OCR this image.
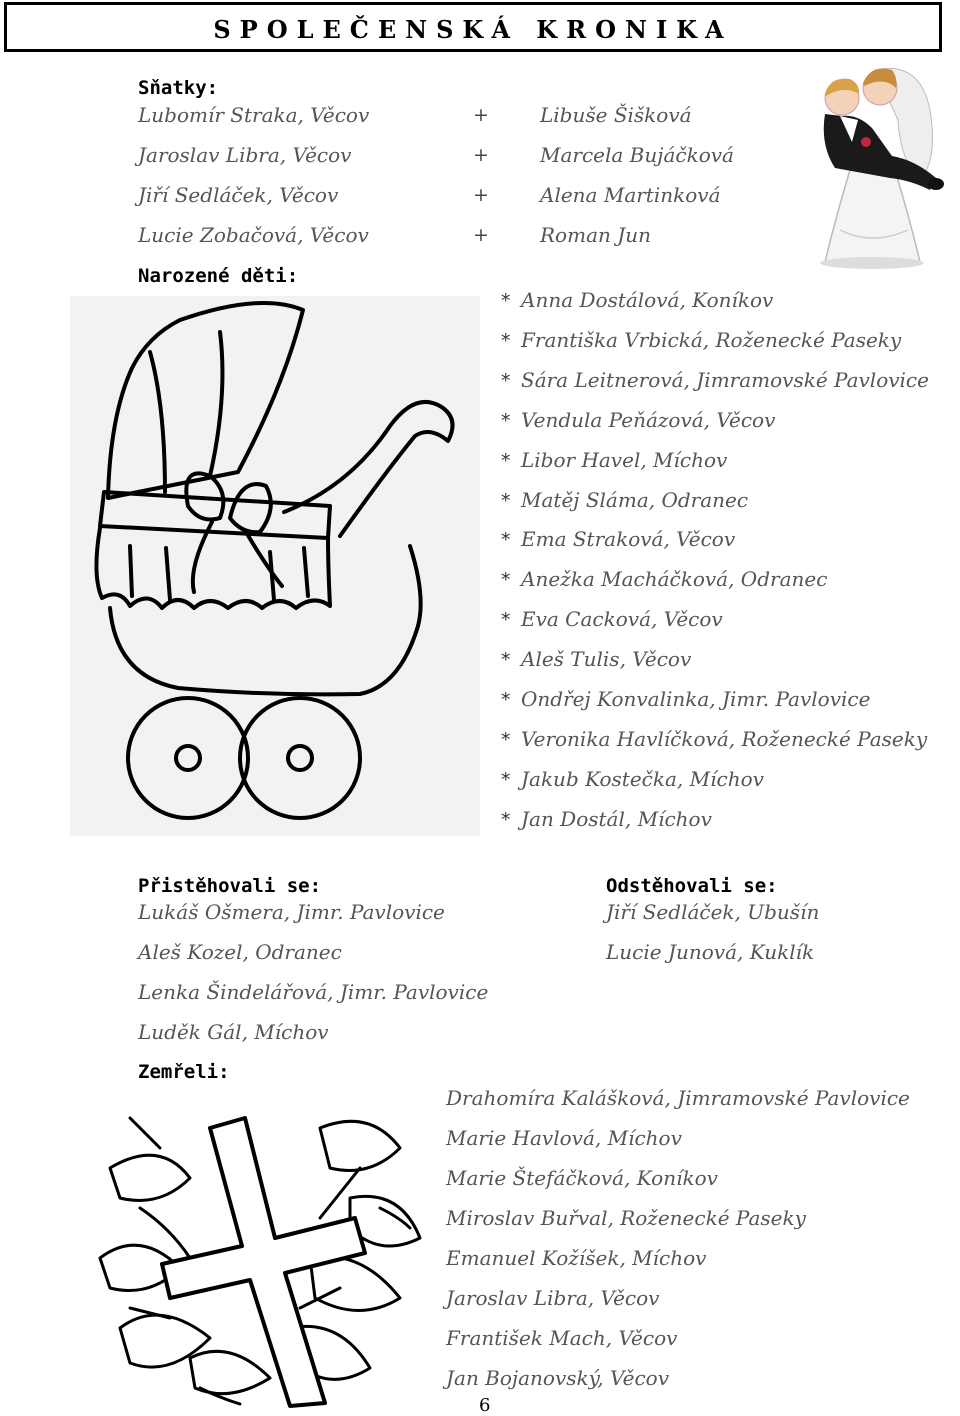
SPOLEČENSKÁ KRONIKA
Sňatky:
Lubomír Straka, Věcov	+	Libuše Šišková
Jaroslav Libra, Věcov	+	Marcela Bujáčková
Jiří Sedláček, Věcov	+	Alena Martinková
Lucie Zobačová, Věcov	+	Roman Jun
Narozené děti:
* Anna Dostálová, Koníkov
* Františka Vrbická, Roženecké Paseky
* Sára Leitnerová, Jimramovské Pavlovice
* Vendula Peňázová, Věcov
* Libor Havel, Míchov
* Matěj Sláma, Odranec
* Ema Straková, Věcov
* Anežka Macháčková, Odranec
* Eva Cacková, Věcov
* Aleš Tulis, Věcov
* Ondřej Konvalinka, Jimr. Pavlovice
* Veronika Havlíčková, Roženecké Paseky
* Jakub Kostečka, Míchov
* Jan Dostál, Míchov
Přistěhovali se:
Lukáš Ošmera, Jimr. Pavlovice
Aleš Kozel, Odranec
Lenka Šindelářová, Jimr. Pavlovice
Luděk Gál, Míchov
Odstěhovali se:
Jiří Sedláček, Ubušín
Lucie Junová, Kuklík
Zemřeli:
Drahomíra Kalášková, Jimramovské Pavlovice
Marie Havlová, Míchov
Marie Štefáčková, Koníkov
Miroslav Buřval, Roženecké Paseky
Emanuel Kožíšek, Míchov
Jaroslav Libra, Věcov
František Mach, Věcov
Jan Bojanovský, Věcov
6
